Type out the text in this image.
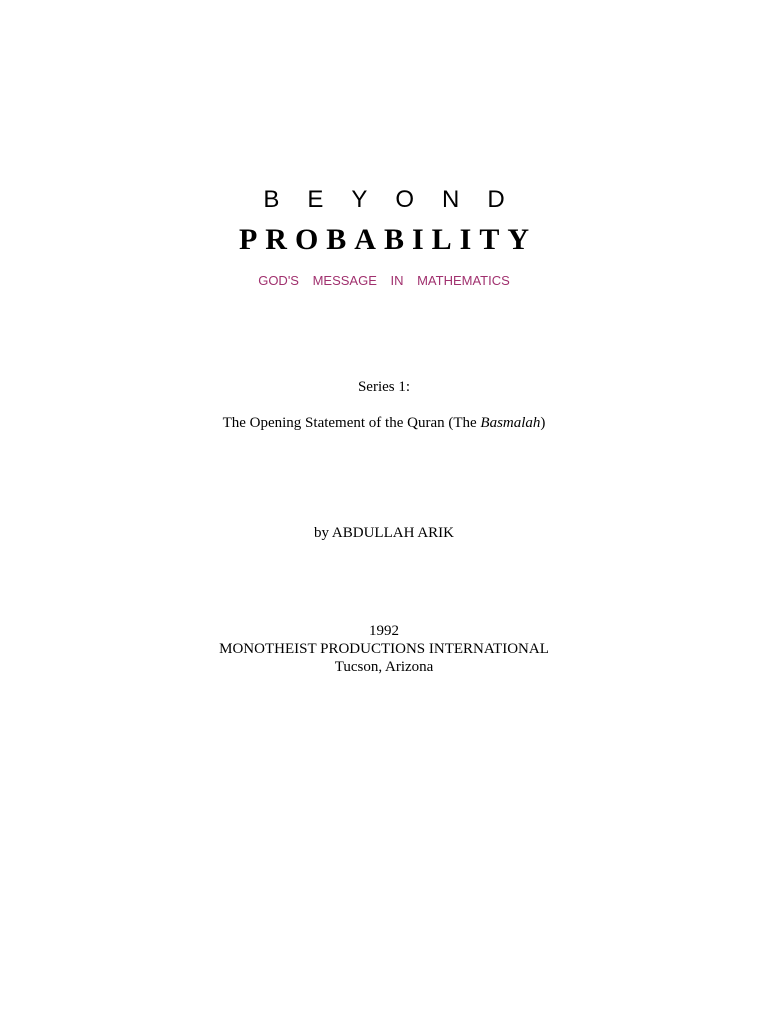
BEYOND
PROBABILITY
GOD'S MESSAGE IN MATHEMATICS
Series 1:
The Opening Statement of the Quran (The Basmalah)
by ABDULLAH ARIK
1992
MONOTHEIST PRODUCTIONS INTERNATIONAL
Tucson, Arizona
